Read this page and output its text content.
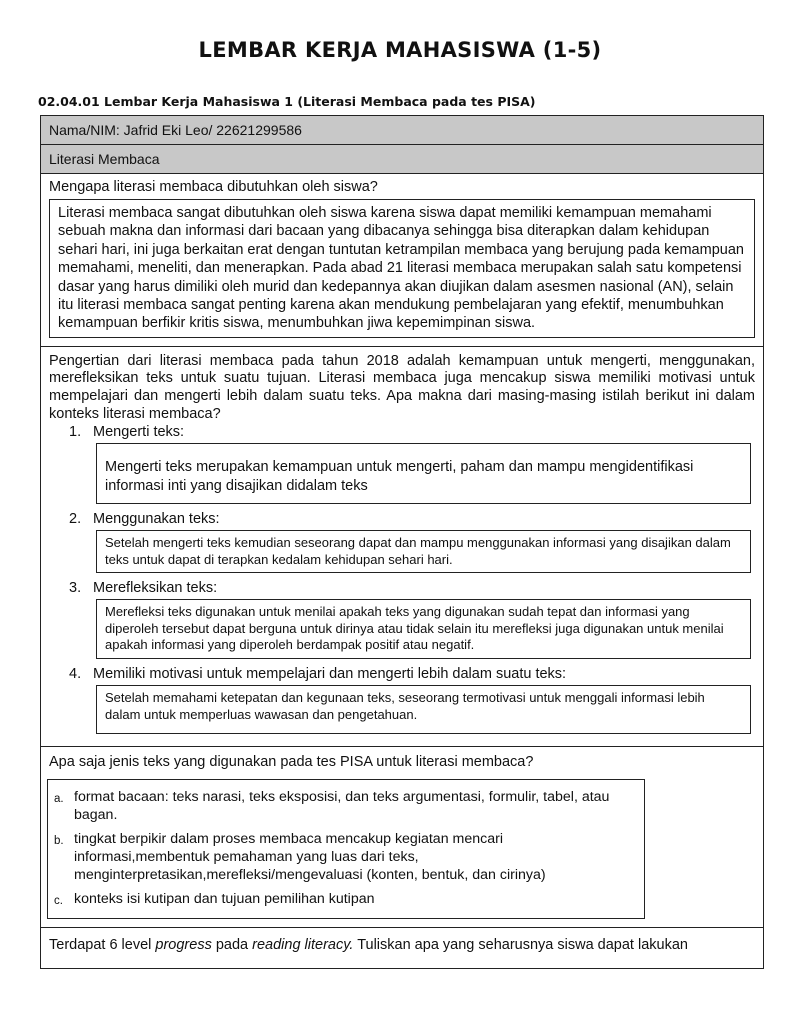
LEMBAR KERJA MAHASISWA (1-5)
02.04.01 Lembar Kerja Mahasiswa 1 (Literasi Membaca pada tes PISA)
Nama/NIM: Jafrid Eki Leo/ 22621299586
Literasi Membaca
Mengapa literasi membaca dibutuhkan oleh siswa?
Literasi membaca sangat dibutuhkan oleh siswa karena siswa dapat memiliki kemampuan memahami sebuah makna dan informasi dari bacaan yang dibacanya sehingga bisa diterapkan dalam kehidupan sehari hari, ini juga berkaitan erat dengan tuntutan ketrampilan membaca yang berujung pada kemampuan memahami, meneliti, dan menerapkan. Pada abad 21 literasi membaca merupakan salah satu kompetensi dasar yang harus dimiliki oleh murid dan kedepannya akan diujikan dalam asesmen nasional (AN), selain itu literasi membaca sangat penting karena akan mendukung pembelajaran yang efektif, menumbuhkan kemampuan berfikir kritis siswa, menumbuhkan jiwa kepemimpinan siswa.
Pengertian dari literasi membaca pada tahun 2018 adalah kemampuan untuk mengerti, menggunakan, merefleksikan teks untuk suatu tujuan. Literasi membaca juga mencakup siswa memiliki motivasi untuk mempelajari dan mengerti lebih dalam suatu teks. Apa makna dari masing-masing istilah berikut ini dalam konteks literasi membaca?
1. Mengerti teks:
Mengerti teks merupakan kemampuan untuk mengerti, paham dan mampu mengidentifikasi informasi inti yang disajikan didalam teks
2. Menggunakan teks:
Setelah mengerti teks kemudian seseorang dapat dan mampu menggunakan informasi yang disajikan dalam teks untuk dapat di terapkan kedalam kehidupan sehari hari.
3. Merefleksikan teks:
Merefleksi teks digunakan untuk menilai apakah teks yang digunakan sudah tepat dan informasi yang diperoleh tersebut dapat berguna untuk dirinya atau tidak selain itu merefleksi juga digunakan untuk menilai apakah informasi yang diperoleh berdampak positif atau negatif.
4. Memiliki motivasi untuk mempelajari dan mengerti lebih dalam suatu teks:
Setelah memahami ketepatan dan kegunaan teks, seseorang termotivasi untuk menggali informasi lebih dalam untuk memperluas wawasan dan pengetahuan.
Apa saja jenis teks yang digunakan pada tes PISA untuk literasi membaca?
a. format bacaan: teks narasi, teks eksposisi, dan teks argumentasi, formulir, tabel, atau bagan.
b. tingkat berpikir dalam proses membaca mencakup kegiatan mencari informasi,membentuk pemahaman yang luas dari teks, menginterpretasikan,merefleksi/mengevaluasi (konten, bentuk, dan cirinya)
c. konteks isi kutipan dan tujuan pemilihan kutipan
Terdapat 6 level progress pada reading literacy. Tuliskan apa yang seharusnya siswa dapat lakukan
